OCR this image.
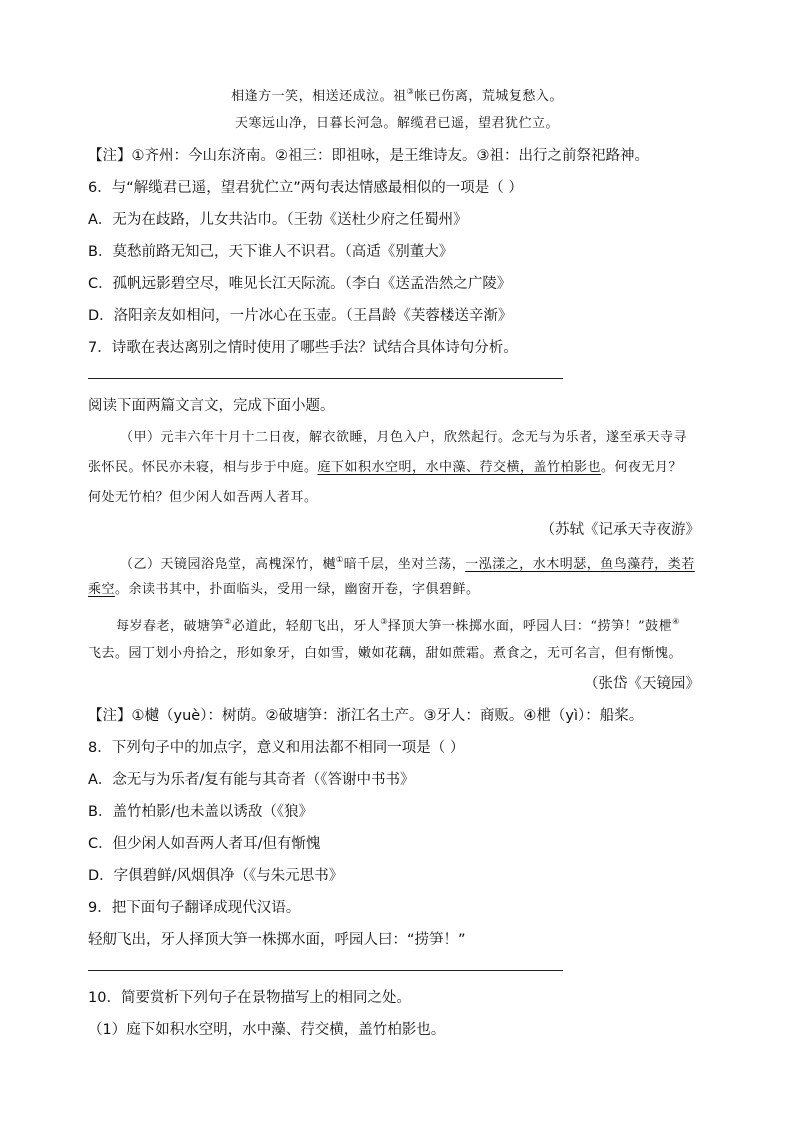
相逢方一笑，相送还成泣。祖③帐已伤离，荒城复愁入。
天寒远山净，日暮长河急。解缆君已遥，望君犹伫立。
【注】①齐州：今山东济南。②祖三：即祖咏，是王维诗友。③祖：出行之前祭祀路神。
6．与“解缆君已遥，望君犹伫立”两句表达情感最相似的一项是（ ）
A．无为在歧路，儿女共沾巾。（王勃《送杜少府之任蜀州》
B．莫愁前路无知己，天下谁人不识君。（高适《别董大》
C．孤帆远影碧空尽，唯见长江天际流。（李白《送孟浩然之广陵》
D．洛阳亲友如相问，一片冰心在玉壶。（王昌龄《芙蓉楼送辛渐》
7．诗歌在表达离别之情时使用了哪些手法？试结合具体诗句分析。
阅读下面两篇文言文，完成下面小题。
（甲）元丰六年十月十二日夜，解衣欲睡，月色入户，欣然起行。念无与为乐者，遂至承天寺寻
张怀民。怀民亦未寝，相与步于中庭。庭下如积水空明，水中藻、荇交横，盖竹柏影也。何夜无月？
何处无竹柏？但少闲人如吾两人者耳。
（苏轼《记承天寺夜游》
（乙）天镜园浴凫堂，高槐深竹，樾①暗千层，坐对兰荡，一泓漾之，水木明瑟，鱼鸟藻荇，类若
乘空。余读书其中，扑面临头，受用一绿，幽窗开卷，字俱碧鲜。
每岁春老，破塘笋②必道此，轻舠飞出，牙人③择顶大笋一株掷水面，呼园人曰：“捞笋！”鼓枻④
飞去。园丁划小舟拾之，形如象牙，白如雪，嫩如花藕，甜如蔗霜。煮食之，无可名言，但有惭愧。
（张岱《天镜园》
【注】①樾（yuè）：树荫。②破塘笋：浙江名土产。③牙人：商贩。④枻（yì）：船桨。
8．下列句子中的加点字，意义和用法都不相同一项是（ ）
A．念无与为乐者/复有能与其奇者（《答谢中书书》
B．盖竹柏影/也未盖以诱敌（《狼》
C．但少闲人如吾两人者耳/但有惭愧
D．字俱碧鲜/风烟俱净（《与朱元思书》
9．把下面句子翻译成现代汉语。
轻舠飞出，牙人择顶大笋一株掷水面，呼园人曰：“捞笋！”
10．简要赏析下列句子在景物描写上的相同之处。
（1）庭下如积水空明，水中藻、荇交横，盖竹柏影也。
